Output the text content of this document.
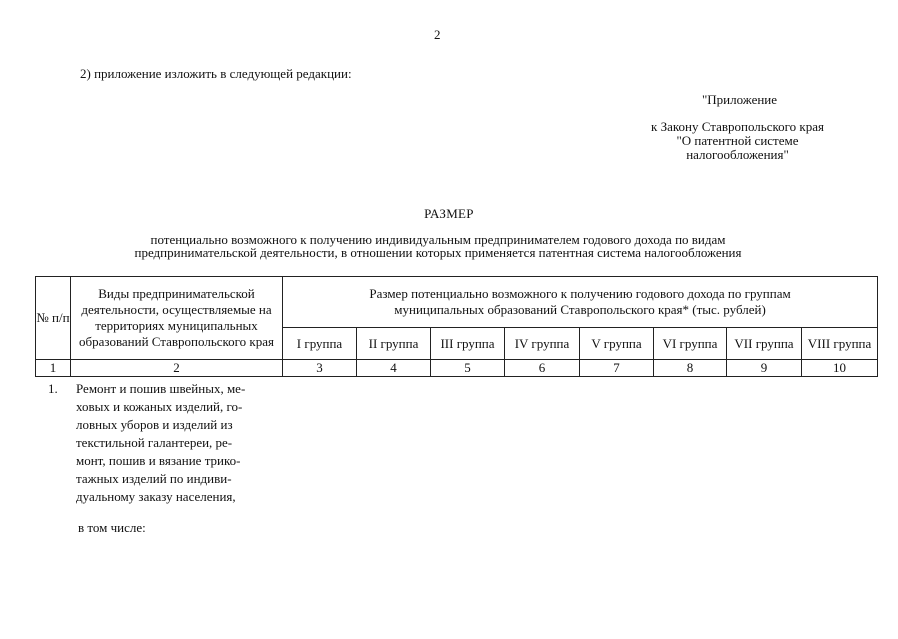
2
2) приложение изложить в следующей редакции:
"Приложение
к Закону Ставропольского края
"О патентной системе
налогообложения"
РАЗМЕР
потенциально возможного к получению индивидуальным предпринимателем годового дохода по видам
предпринимательской деятельности, в отношении которых применяется патентная система налогообложения
№ п/п	Виды предпринимательской деятельности, осуществляемые на территориях муниципальных образований Ставропольского края	Размер потенциально возможного к получению годового дохода по группам муниципальных образований Ставропольского края* (тыс. рублей)							
		I группа	II группа	III группа	IV группа	V группа	VI группа	VII группа	VIII группа
1	2	3	4	5	6	7	8	9	10
1. Ремонт и пошив швейных, ме-
ховых и кожаных изделий, го-
ловных уборов и изделий из
текстильной галантереи, ре-
монт, пошив и вязание трико-
тажных изделий по индиви-
дуальному заказу населения,
в том числе:
